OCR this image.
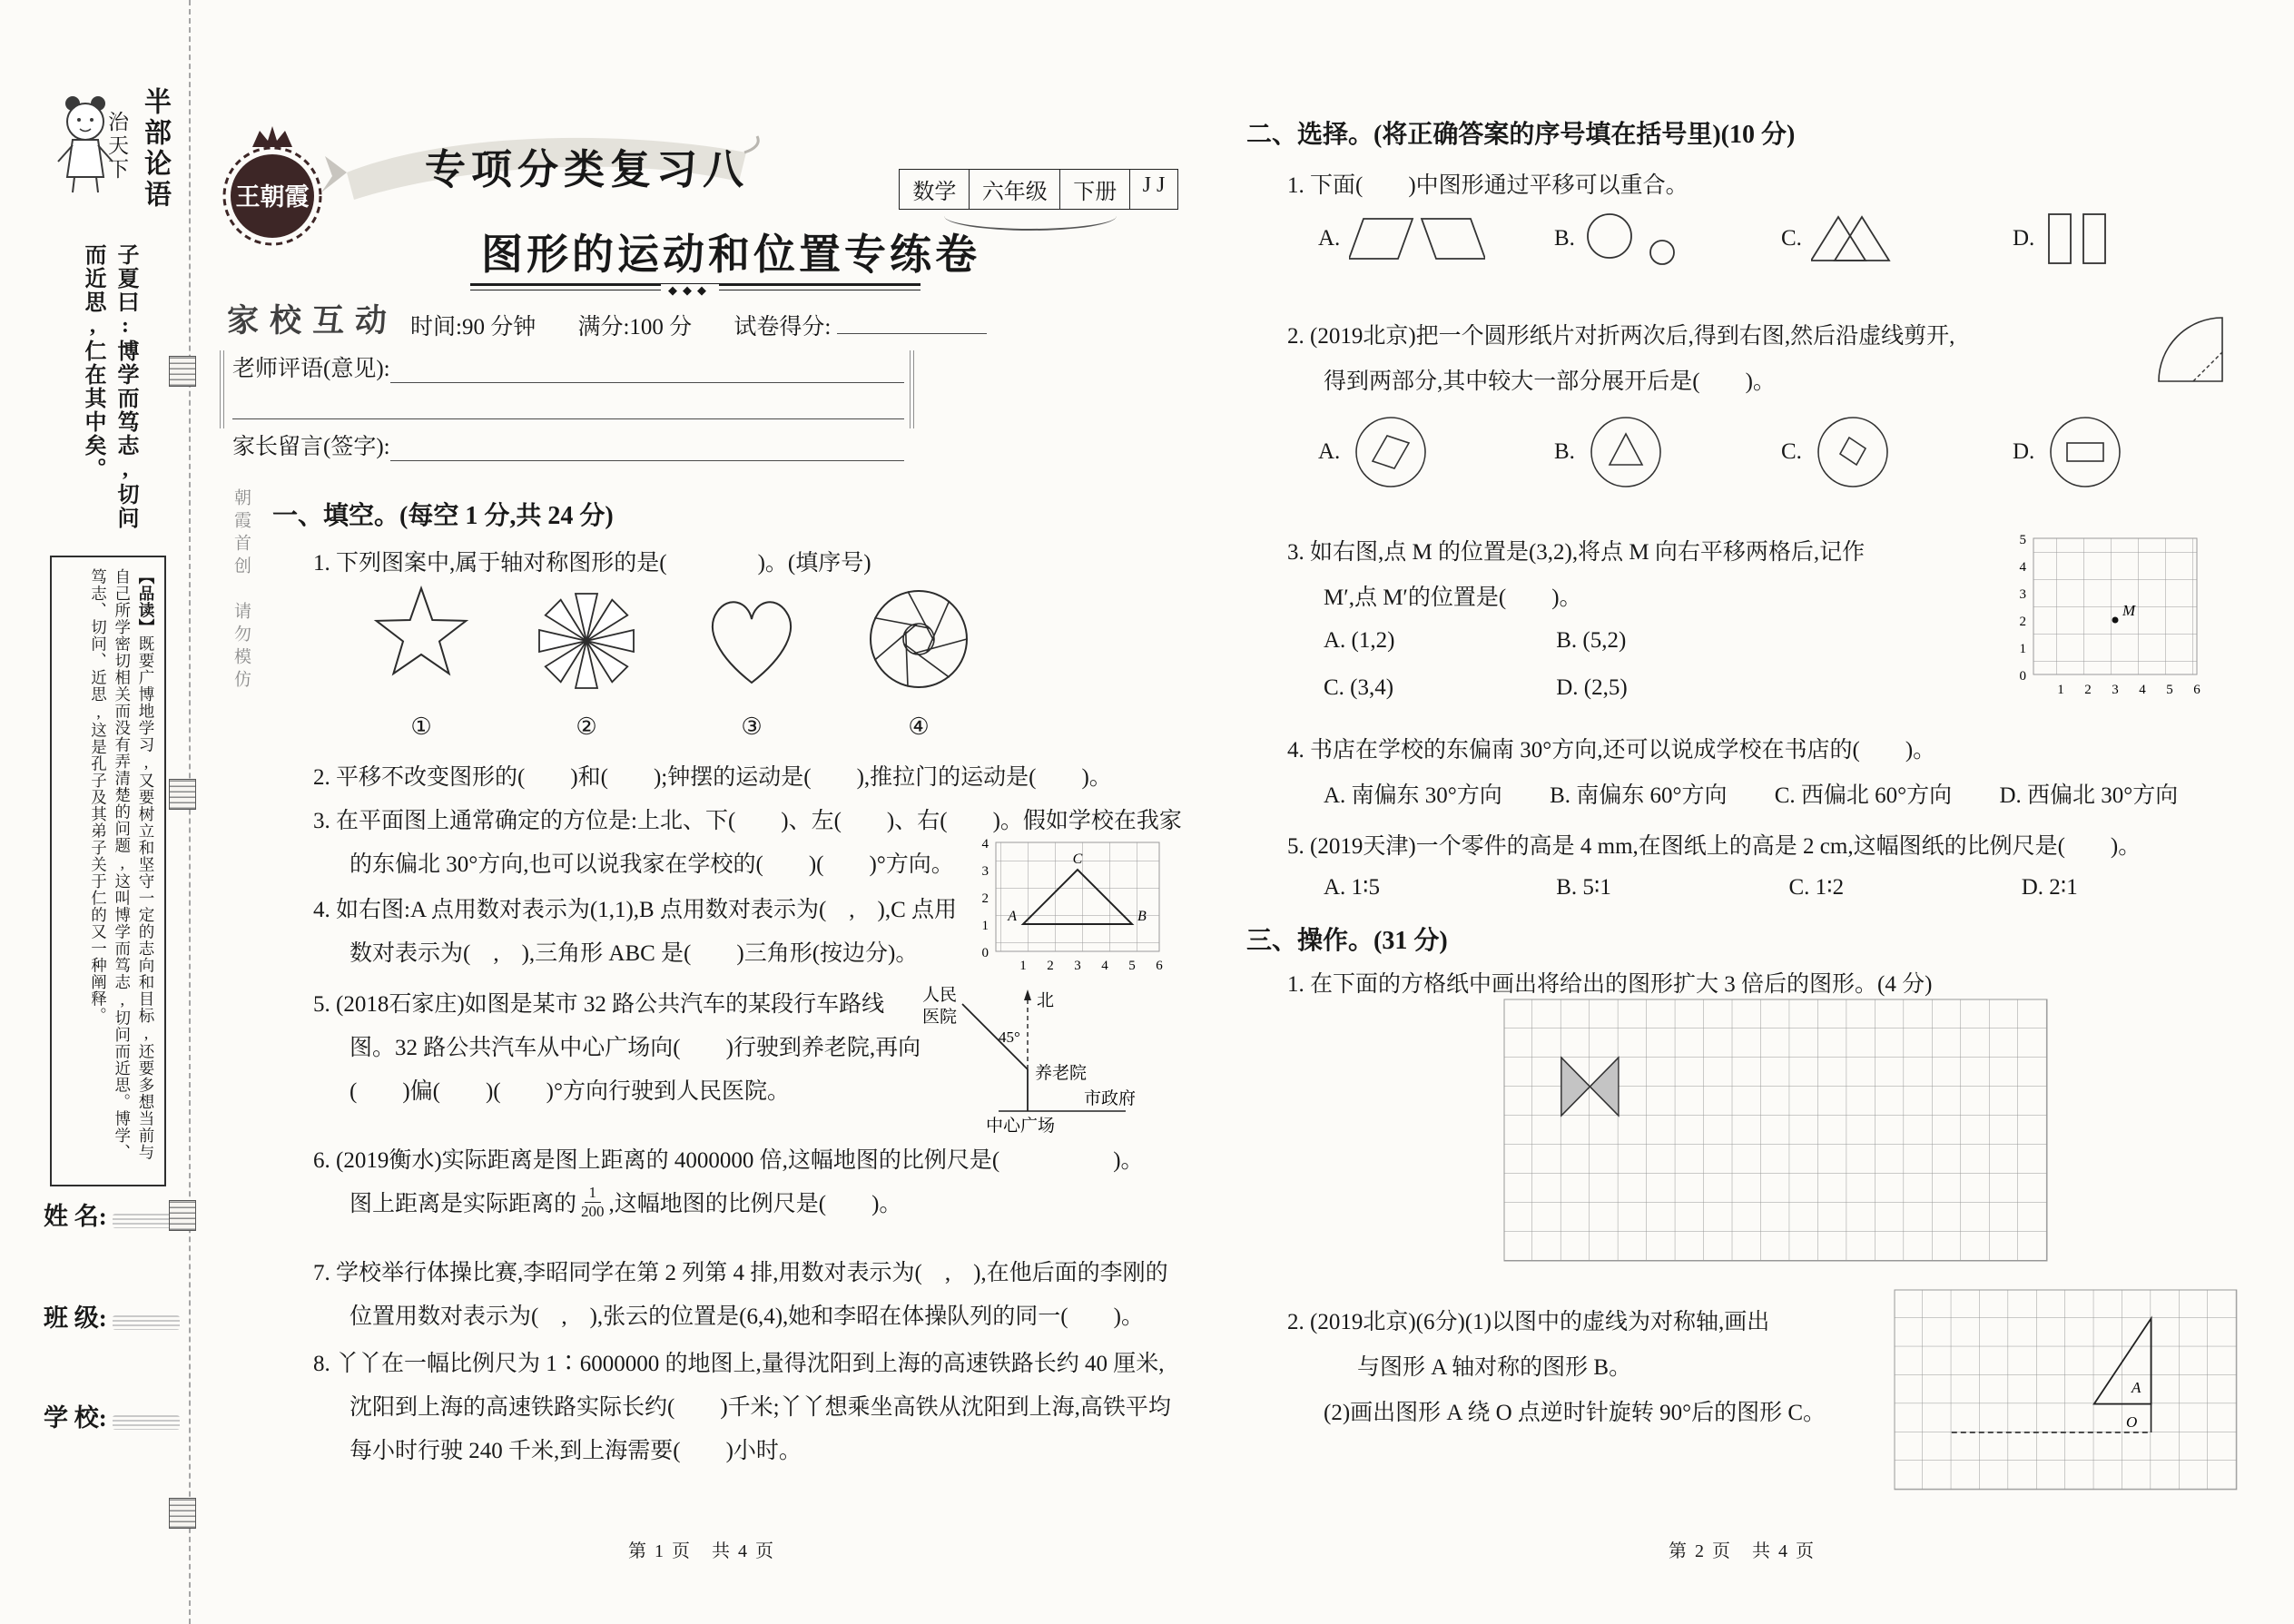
半部论语
治天下
子夏曰:博学而笃志,切问而近思,仁在其中矣。
【品读】既要广博地学习,又要树立和坚守一定的志向和目标,还要多想当前与自己所学密切相关而没有弄清楚的问题,这叫博学而笃志,切问而近思。博学、笃志、切问、近思,这是孔子及其弟子关于仁的又一种阐释。
姓 名:
班 级:
学 校:
朝霞首创　请勿模仿
王朝霞
专项分类复习八
图形的运动和位置专练卷
◆◆◆
数学	六年级	下册	J J
家校互动 时间:90 分钟 满分:100 分 试卷得分:
老师评语(意见):
家长留言(签字):
一、填空。(每空 1 分,共 24 分)
1. 下列图案中,属于轴对称图形的是(　　　　)。(填序号)
①	②	③	④
2. 平移不改变图形的(　　)和(　　);钟摆的运动是(　　),推拉门的运动是(　　)。
3. 在平面图上通常确定的方位是:上北、下(　　)、左(　　)、右(　　)。假如学校在我家
的东偏北 30°方向,也可以说我家在学校的(　　)(　　)°方向。
4. 如右图:A 点用数对表示为(1,1),B 点用数对表示为(　,　),C 点用
数对表示为(　,　),三角形 ABC 是(　　)三角形(按边分)。
4
3
2
1
0
1 2 3 4 5 6
A	B
C
5. (2018石家庄)如图是某市 32 路公共汽车的某段行车路线
图。32 路公共汽车从中心广场向(　　)行驶到养老院,再向
(　　)偏(　　)(　　)°方向行驶到人民医院。
北
45°
人民
医院
养老院
市政府
中心广场
6. (2019衡水)实际距离是图上距离的 4000000 倍,这幅地图的比例尺是(　　　　　)。
图上距离是实际距离的 $\frac{1}{200}$ ,这幅地图的比例尺是(　　)。
7. 学校举行体操比赛,李昭同学在第 2 列第 4 排,用数对表示为(　,　),在他后面的李刚的
位置用数对表示为(　,　),张云的位置是(6,4),她和李昭在体操队列的同一(　　)。
8. 丫丫在一幅比例尺为 1∶6000000 的地图上,量得沈阳到上海的高速铁路长约 40 厘米,
沈阳到上海的高速铁路实际长约(　　)千米;丫丫想乘坐高铁从沈阳到上海,高铁平均
每小时行驶 240 千米,到上海需要(　　)小时。
第 1 页　共 4 页
二、选择。(将正确答案的序号填在括号里)(10 分)
1. 下面(　　)中图形通过平移可以重合。
A.	B.	C.	D.
2. (2019北京)把一个圆形纸片对折两次后,得到右图,然后沿虚线剪开,
得到两部分,其中较大一部分展开后是(　　)。
A.	B.	C.	D.
3. 如右图,点 M 的位置是(3,2),将点 M 向右平移两格后,记作
M′,点 M′的位置是(　　)。
A. (1,2)	B. (5,2)
C. (3,4)	D. (2,5)
5
4
3
2
1
0
1 2 3 4 5 6
M
4. 书店在学校的东偏南 30°方向,还可以说成学校在书店的(　　)。
A. 南偏东 30°方向 B. 南偏东 60°方向 C. 西偏北 60°方向 D. 西偏北 30°方向
5. (2019天津)一个零件的高是 4 mm,在图纸上的高是 2 cm,这幅图纸的比例尺是(　　)。
A. 1∶5	B. 5∶1	C. 1∶2	D. 2∶1
三、操作。(31 分)
1. 在下面的方格纸中画出将给出的图形扩大 3 倍后的图形。(4 分)
2. (2019北京)(6分)(1)以图中的虚线为对称轴,画出
与图形 A 轴对称的图形 B。
(2)画出图形 A 绕 O 点逆时针旋转 90°后的图形 C。
A
O
第 2 页　共 4 页
